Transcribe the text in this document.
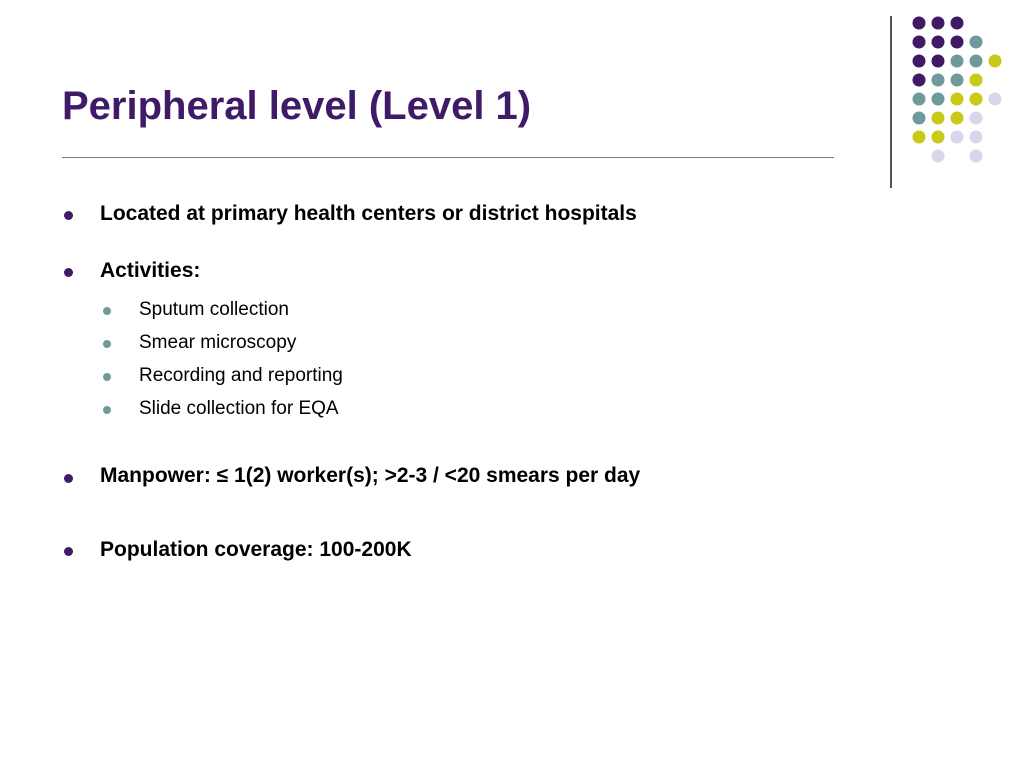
Peripheral level (Level 1)
Located at primary health centers or district hospitals
Activities:
Sputum collection
Smear microscopy
Recording and reporting
Slide collection for EQA
Manpower: ≤ 1(2) worker(s); >2-3 / <20 smears per day
Population coverage: 100-200K
